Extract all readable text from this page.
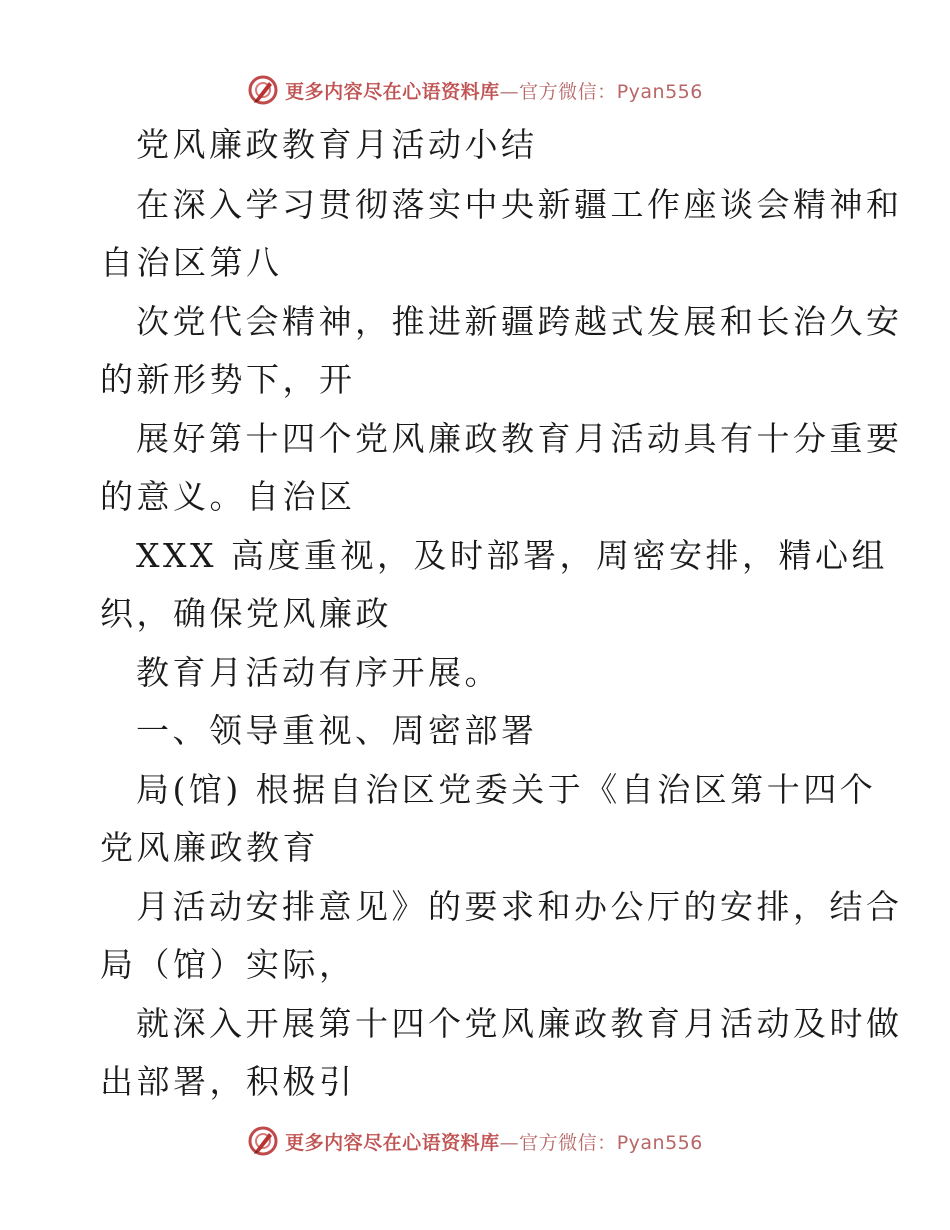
更多内容尽在心语资料库—官方微信：Pyan556
党风廉政教育月活动小结
在深入学习贯彻落实中央新疆工作座谈会精神和
自治区第八
次党代会精神，推进新疆跨越式发展和长治久安
的新形势下，开
展好第十四个党风廉政教育月活动具有十分重要
的意义。自治区
XXX 高度重视，及时部署，周密安排，精心组
织，确保党风廉政
教育月活动有序开展。
一、领导重视、周密部署
局(馆) 根据自治区党委关于《自治区第十四个
党风廉政教育
月活动安排意见》的要求和办公厅的安排，结合
局（馆）实际，
就深入开展第十四个党风廉政教育月活动及时做
出部署，积极引
更多内容尽在心语资料库—官方微信：Pyan556
